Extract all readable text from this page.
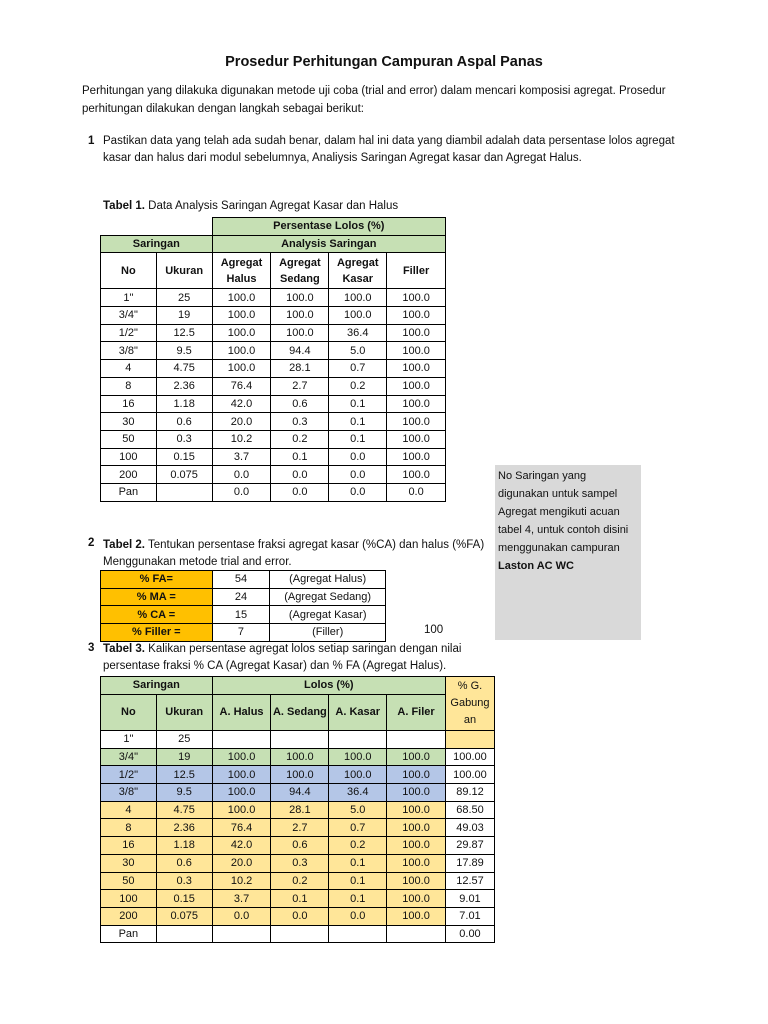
Prosedur Perhitungan Campuran Aspal Panas
Perhitungan yang dilakuka digunakan metode uji coba (trial and error) dalam mencari komposisi agregat. Prosedur perhitungan dilakukan dengan langkah sebagai berikut:
1 Pastikan data yang telah ada sudah benar, dalam hal ini data yang diambil adalah data persentase lolos agregat kasar dan halus dari modul sebelumnya, Analiysis Saringan Agregat kasar dan Agregat Halus.
Tabel 1. Data Analysis Saringan Agregat Kasar dan Halus
		Persentase Lolos (%)			
Saringan		Analysis Saringan			
No	Ukuran	Agregat Halus	Agregat Sedang	Agregat Kasar	Filler
1"	25	100.0	100.0	100.0	100.0
3/4"	19	100.0	100.0	100.0	100.0
1/2"	12.5	100.0	100.0	36.4	100.0
3/8"	9.5	100.0	94.4	5.0	100.0
4	4.75	100.0	28.1	0.7	100.0
8	2.36	76.4	2.7	0.2	100.0
16	1.18	42.0	0.6	0.1	100.0
30	0.6	20.0	0.3	0.1	100.0
50	0.3	10.2	0.2	0.1	100.0
100	0.15	3.7	0.1	0.0	100.0
200	0.075	0.0	0.0	0.0	100.0
Pan		0.0	0.0	0.0	0.0
No Saringan yang digunakan untuk sampel Agregat mengikuti acuan tabel 4, untuk contoh disini menggunakan campuran Laston AC WC
2 Tabel 2. Tentukan persentase fraksi agregat kasar (%CA) dan halus (%FA) Menggunakan metode trial and error.
% FA=	54	(Agregat Halus)
% MA =	24	(Agregat Sedang)
% CA =	15	(Agregat Kasar)
% Filler =	7	(Filler)	100
3 Tabel 3. Kalikan persentase agregat lolos setiap saringan dengan nilai persentase fraksi % CA (Agregat Kasar) dan % FA (Agregat Halus).
Saringan		Lolos (%)				% G. Gabung an
No	Ukuran	A. Halus	A. Sedang	A. Kasar	A. Filer	
1"	25					
3/4"	19	100.0	100.0	100.0	100.0	100.00
1/2"	12.5	100.0	100.0	100.0	100.0	100.00
3/8"	9.5	100.0	94.4	36.4	100.0	89.12
4	4.75	100.0	28.1	5.0	100.0	68.50
8	2.36	76.4	2.7	0.7	100.0	49.03
16	1.18	42.0	0.6	0.2	100.0	29.87
30	0.6	20.0	0.3	0.1	100.0	17.89
50	0.3	10.2	0.2	0.1	100.0	12.57
100	0.15	3.7	0.1	0.1	100.0	9.01
200	0.075	0.0	0.0	0.0	100.0	7.01
Pan						0.00
